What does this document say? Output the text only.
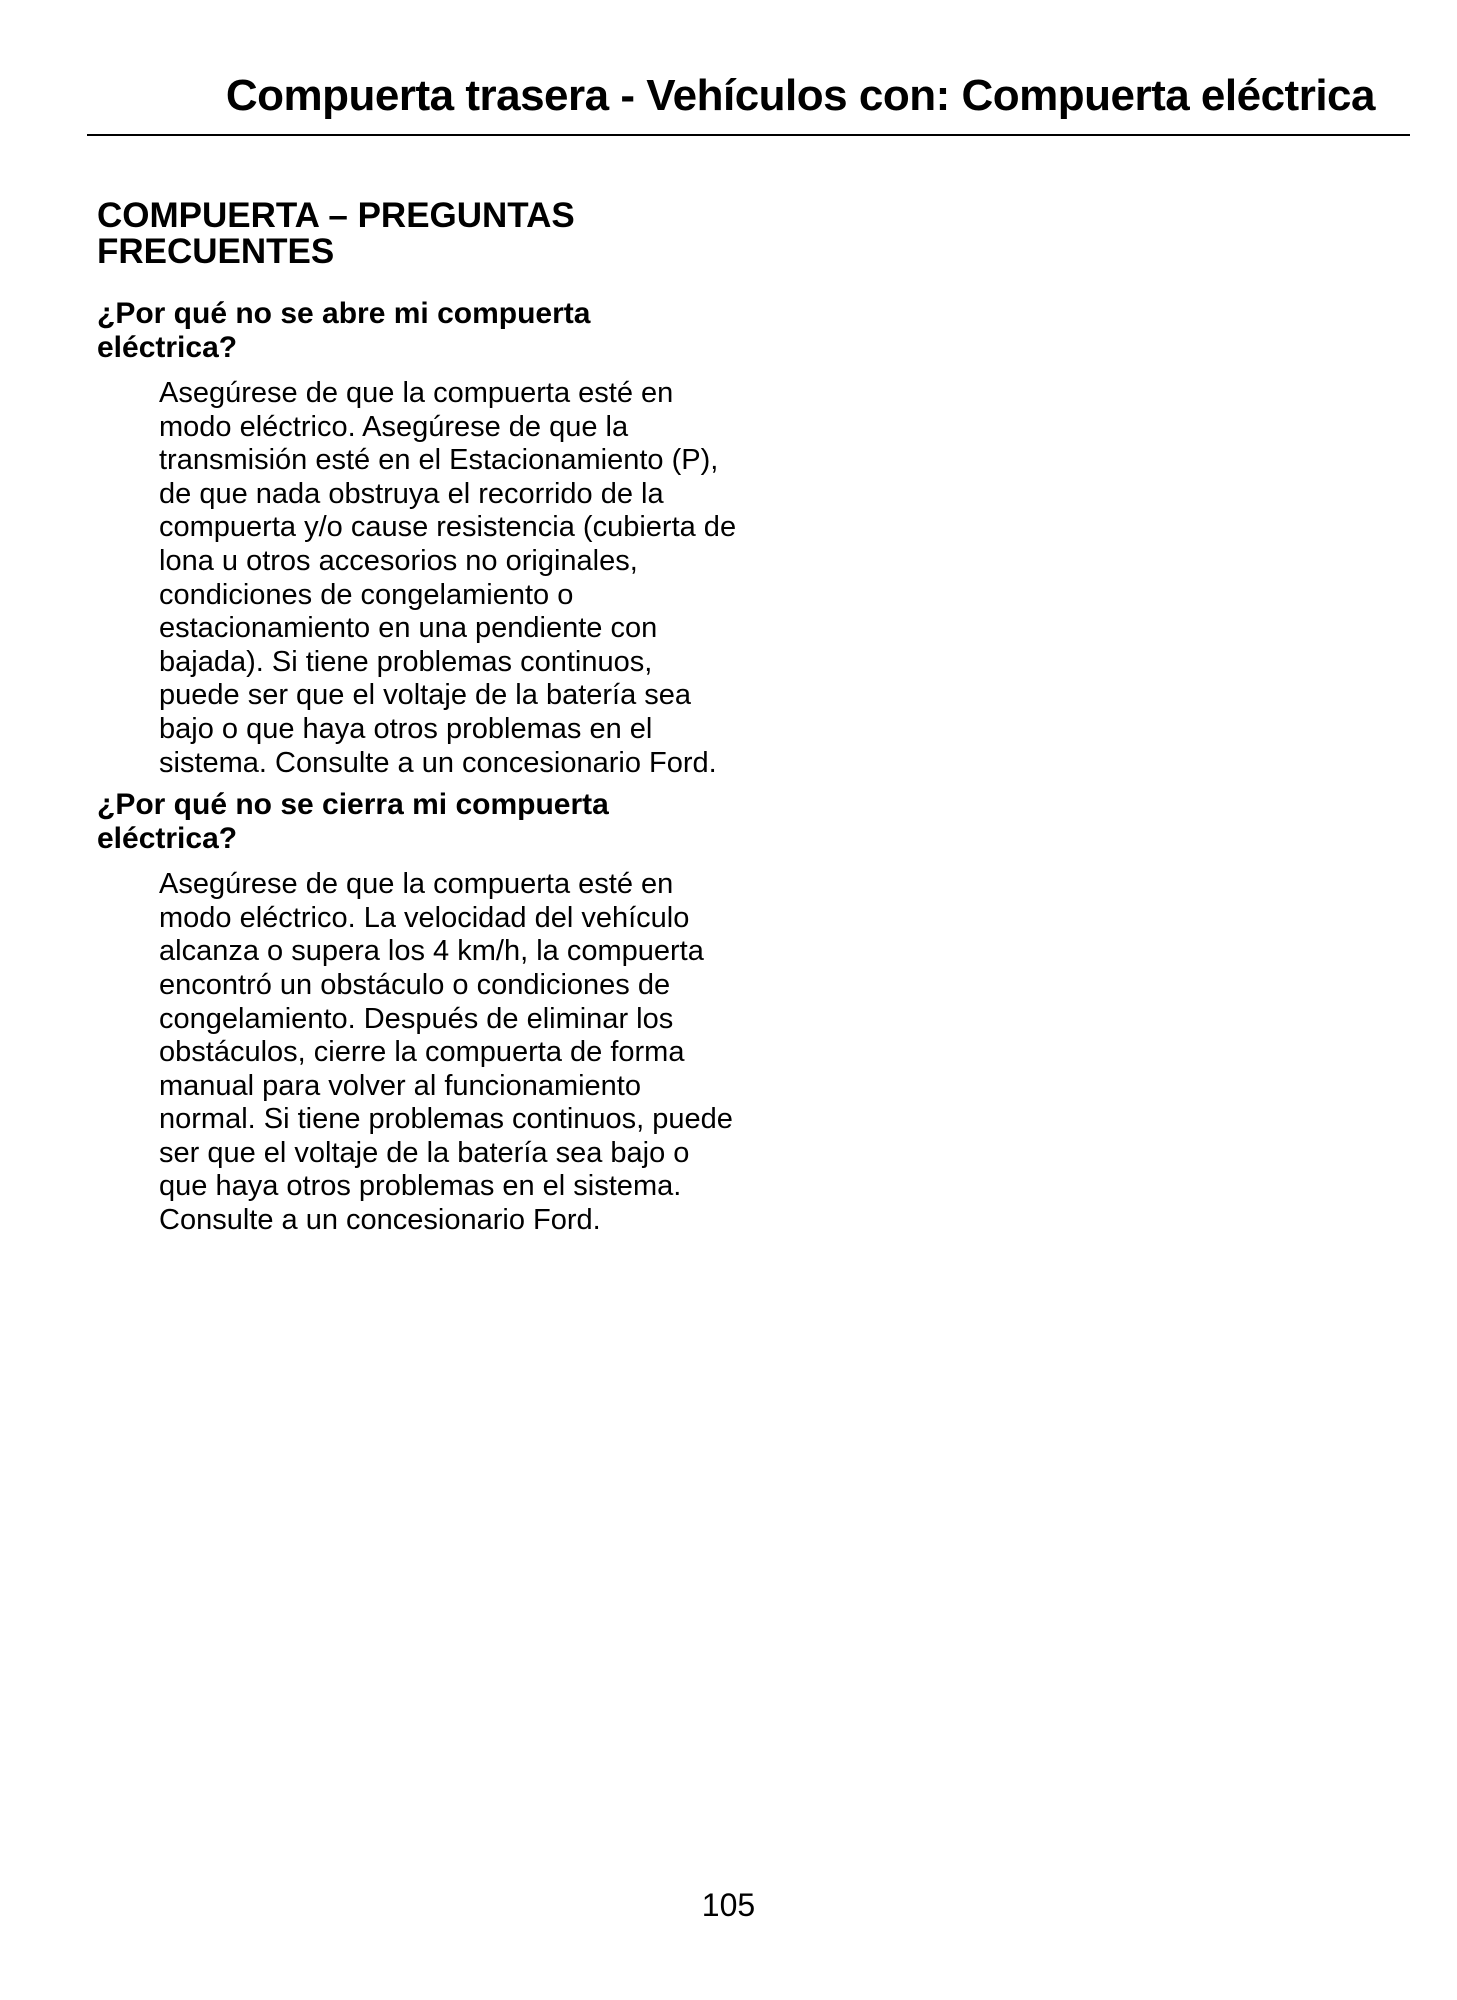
Compuerta trasera - Vehículos con: Compuerta eléctrica
COMPUERTA – PREGUNTAS FRECUENTES
¿Por qué no se abre mi compuerta eléctrica?

Asegúrese de que la compuerta esté en modo eléctrico. Asegúrese de que la transmisión esté en el Estacionamiento (P), de que nada obstruya el recorrido de la compuerta y/o cause resistencia (cubierta de lona u otros accesorios no originales, condiciones de congelamiento o estacionamiento en una pendiente con bajada). Si tiene problemas continuos, puede ser que el voltaje de la batería sea bajo o que haya otros problemas en el sistema. Consulte a un concesionario Ford.

¿Por qué no se cierra mi compuerta eléctrica?

Asegúrese de que la compuerta esté en modo eléctrico. La velocidad del vehículo alcanza o supera los 4 km/h, la compuerta encontró un obstáculo o condiciones de congelamiento. Después de eliminar los obstáculos, cierre la compuerta de forma manual para volver al funcionamiento normal. Si tiene problemas continuos, puede ser que el voltaje de la batería sea bajo o que haya otros problemas en el sistema. Consulte a un concesionario Ford.

105
